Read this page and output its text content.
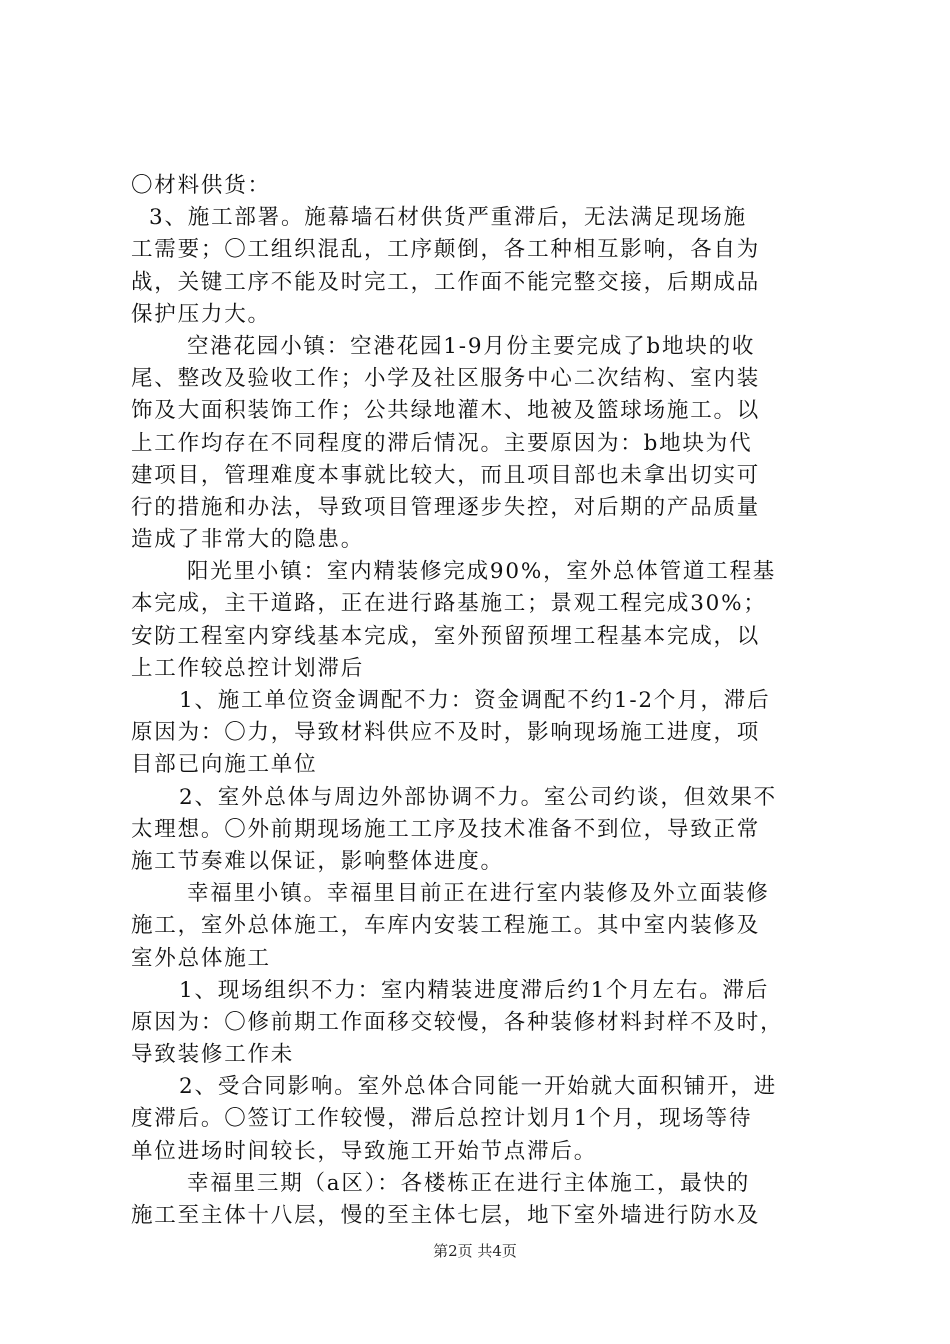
〇材料供货：
3、施工部署。施幕墙石材供货严重滞后，无法满足现场施
工需要；〇工组织混乱，工序颠倒，各工种相互影响，各自为
战，关键工序不能及时完工，工作面不能完整交接，后期成品
保护压力大。
空港花园小镇：空港花园1-9月份主要完成了b地块的收
尾、整改及验收工作；小学及社区服务中心二次结构、室内装
饰及大面积装饰工作；公共绿地灌木、地被及篮球场施工。以
上工作均存在不同程度的滞后情况。主要原因为：b地块为代
建项目，管理难度本事就比较大，而且项目部也未拿出切实可
行的措施和办法，导致项目管理逐步失控，对后期的产品质量
造成了非常大的隐患。
阳光里小镇：室内精装修完成90%，室外总体管道工程基
本完成，主干道路，正在进行路基施工；景观工程完成30%；
安防工程室内穿线基本完成，室外预留预埋工程基本完成，以
上工作较总控计划滞后
1、施工单位资金调配不力：资金调配不约1-2个月，滞后
原因为：〇力，导致材料供应不及时，影响现场施工进度，项
目部已向施工单位
2、室外总体与周边外部协调不力。室公司约谈，但效果不
太理想。〇外前期现场施工工序及技术准备不到位，导致正常
施工节奏难以保证，影响整体进度。
幸福里小镇。幸福里目前正在进行室内装修及外立面装修
施工，室外总体施工，车库内安装工程施工。其中室内装修及
室外总体施工
1、现场组织不力：室内精装进度滞后约1个月左右。滞后
原因为：〇修前期工作面移交较慢，各种装修材料封样不及时，
导致装修工作未
2、受合同影响。室外总体合同能一开始就大面积铺开，进
度滞后。〇签订工作较慢，滞后总控计划月1个月，现场等待
单位进场时间较长，导致施工开始节点滞后。
幸福里三期（a区）：各楼栋正在进行主体施工，最快的
施工至主体十八层，慢的至主体七层，地下室外墙进行防水及
第2页 共4页
